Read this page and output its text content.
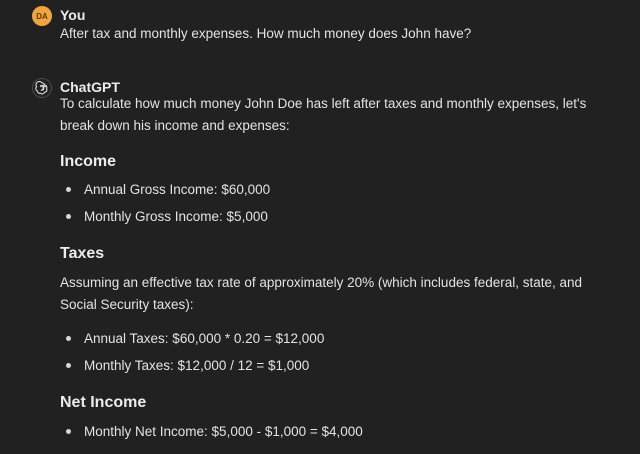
DA You
After tax and monthly expenses. How much money does John have?
ChatGPT
To calculate how much money John Doe has left after taxes and monthly expenses, let's break down his income and expenses:
Income
Annual Gross Income: $60,000
Monthly Gross Income: $5,000
Taxes
Assuming an effective tax rate of approximately 20% (which includes federal, state, and Social Security taxes):
Annual Taxes: $60,000 * 0.20 = $12,000
Monthly Taxes: $12,000 / 12 = $1,000
Net Income
Monthly Net Income: $5,000 - $1,000 = $4,000
